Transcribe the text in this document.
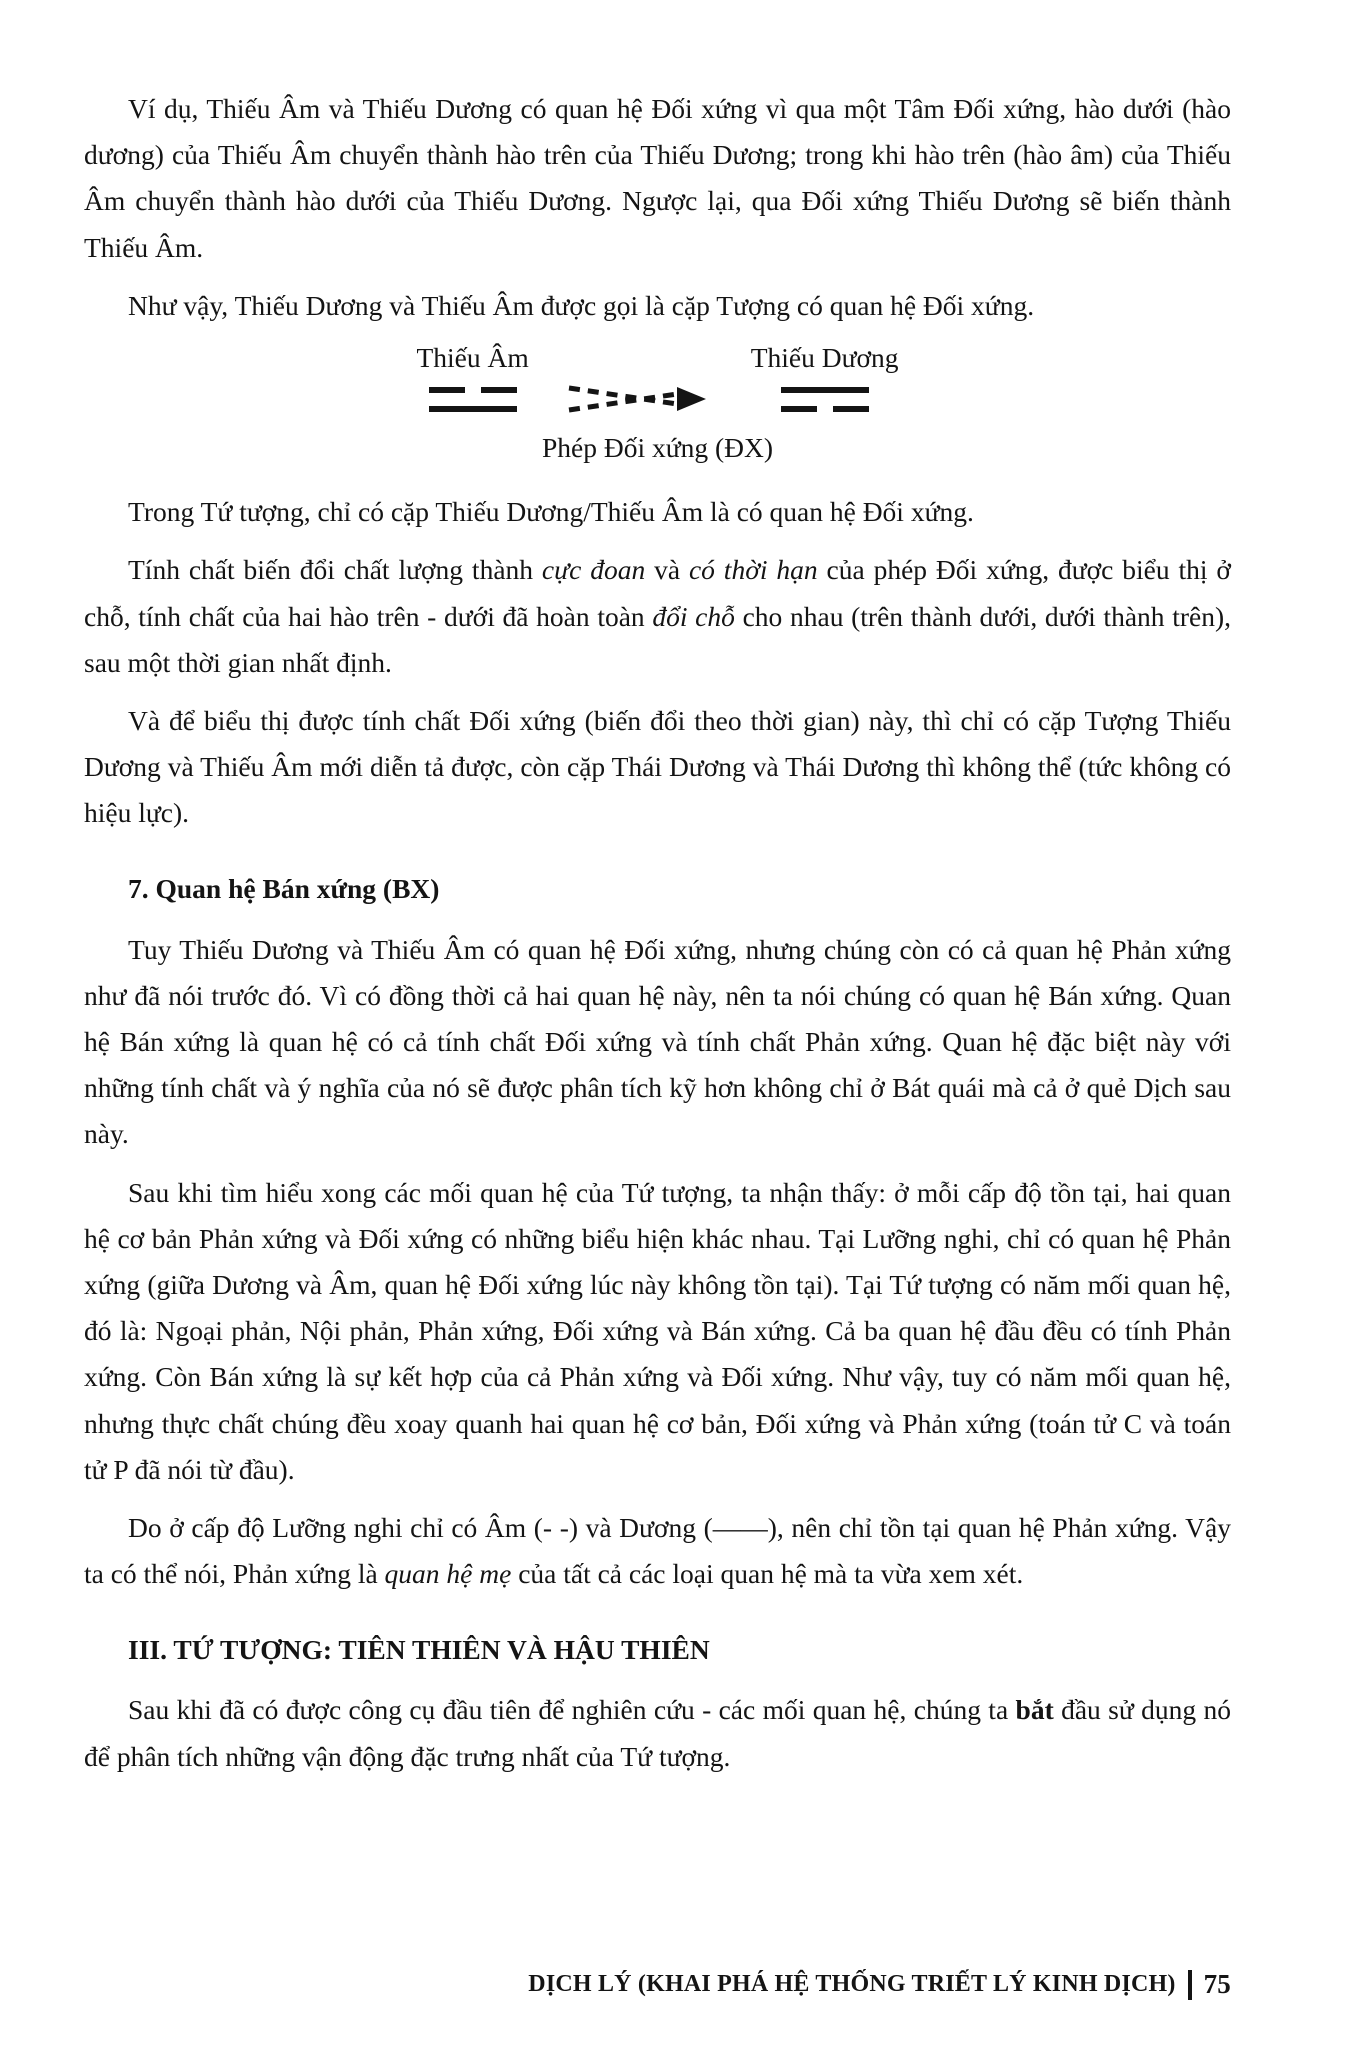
Ví dụ, Thiếu Âm và Thiếu Dương có quan hệ Đối xứng vì qua một Tâm Đối xứng, hào dưới (hào dương) của Thiếu Âm chuyển thành hào trên của Thiếu Dương; trong khi hào trên (hào âm) của Thiếu Âm chuyển thành hào dưới của Thiếu Dương. Ngược lại, qua Đối xứng Thiếu Dương sẽ biến thành Thiếu Âm.

Như vậy, Thiếu Dương và Thiếu Âm được gọi là cặp Tượng có quan hệ Đối xứng.

Thiếu Âm	Thiếu Dương

Phép Đối xứng (ĐX)

Trong Tứ tượng, chỉ có cặp Thiếu Dương/Thiếu Âm là có quan hệ Đối xứng.

Tính chất biến đổi chất lượng thành cực đoan và có thời hạn của phép Đối xứng, được biểu thị ở chỗ, tính chất của hai hào trên - dưới đã hoàn toàn đổi chỗ cho nhau (trên thành dưới, dưới thành trên), sau một thời gian nhất định.

Và để biểu thị được tính chất Đối xứng (biến đổi theo thời gian) này, thì chỉ có cặp Tượng Thiếu Dương và Thiếu Âm mới diễn tả được, còn cặp Thái Dương và Thái Dương thì không thể (tức không có hiệu lực).

7. Quan hệ Bán xứng (BX)

Tuy Thiếu Dương và Thiếu Âm có quan hệ Đối xứng, nhưng chúng còn có cả quan hệ Phản xứng như đã nói trước đó. Vì có đồng thời cả hai quan hệ này, nên ta nói chúng có quan hệ Bán xứng. Quan hệ Bán xứng là quan hệ có cả tính chất Đối xứng và tính chất Phản xứng. Quan hệ đặc biệt này với những tính chất và ý nghĩa của nó sẽ được phân tích kỹ hơn không chỉ ở Bát quái mà cả ở quẻ Dịch sau này.

Sau khi tìm hiểu xong các mối quan hệ của Tứ tượng, ta nhận thấy: ở mỗi cấp độ tồn tại, hai quan hệ cơ bản Phản xứng và Đối xứng có những biểu hiện khác nhau. Tại Lưỡng nghi, chỉ có quan hệ Phản xứng (giữa Dương và Âm, quan hệ Đối xứng lúc này không tồn tại). Tại Tứ tượng có năm mối quan hệ, đó là: Ngoại phản, Nội phản, Phản xứng, Đối xứng và Bán xứng. Cả ba quan hệ đầu đều có tính Phản xứng. Còn Bán xứng là sự kết hợp của cả Phản xứng và Đối xứng. Như vậy, tuy có năm mối quan hệ, nhưng thực chất chúng đều xoay quanh hai quan hệ cơ bản, Đối xứng và Phản xứng (toán tử C và toán tử P đã nói từ đầu).

Do ở cấp độ Lưỡng nghi chỉ có Âm (- -) và Dương (——), nên chỉ tồn tại quan hệ Phản xứng. Vậy ta có thể nói, Phản xứng là quan hệ mẹ của tất cả các loại quan hệ mà ta vừa xem xét.

III. TỨ TƯỢNG: TIÊN THIÊN VÀ HẬU THIÊN

Sau khi đã có được công cụ đầu tiên để nghiên cứu - các mối quan hệ, chúng ta bắt đầu sử dụng nó để phân tích những vận động đặc trưng nhất của Tứ tượng.

DỊCH LÝ (KHAI PHÁ HỆ THỐNG TRIẾT LÝ KINH DỊCH) 75
